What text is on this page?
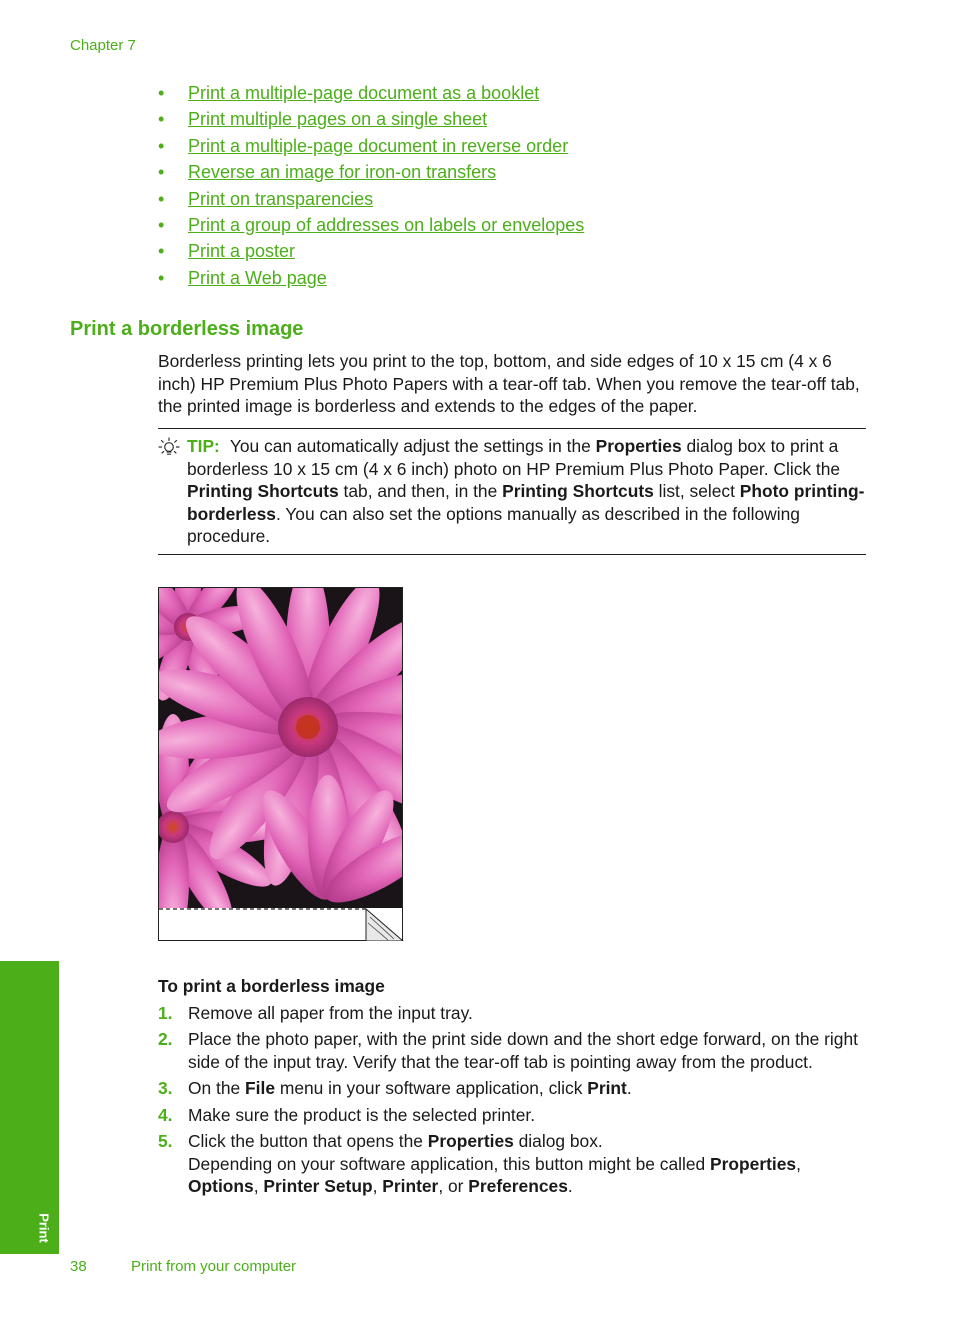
Chapter 7
• Print a multiple-page document as a booklet
• Print multiple pages on a single sheet
• Print a multiple-page document in reverse order
• Reverse an image for iron-on transfers
• Print on transparencies
• Print a group of addresses on labels or envelopes
• Print a poster
• Print a Web page
Print a borderless image

Borderless printing lets you print to the top, bottom, and side edges of 10 x 15 cm (4 x 6 inch) HP Premium Plus Photo Papers with a tear-off tab. When you remove the tear-off tab, the printed image is borderless and extends to the edges of the paper.

TIP: You can automatically adjust the settings in the Properties dialog box to print a borderless 10 x 15 cm (4 x 6 inch) photo on HP Premium Plus Photo Paper. Click the Printing Shortcuts tab, and then, in the Printing Shortcuts list, select Photo printing-borderless. You can also set the options manually as described in the following procedure.

To print a borderless image
1. Remove all paper from the input tray.
2. Place the photo paper, with the print side down and the short edge forward, on the right side of the input tray. Verify that the tear-off tab is pointing away from the product.
3. On the File menu in your software application, click Print.
4. Make sure the product is the selected printer.
5. Click the button that opens the Properties dialog box.
Depending on your software application, this button might be called Properties, Options, Printer Setup, Printer, or Preferences.
Print
38	Print from your computer
